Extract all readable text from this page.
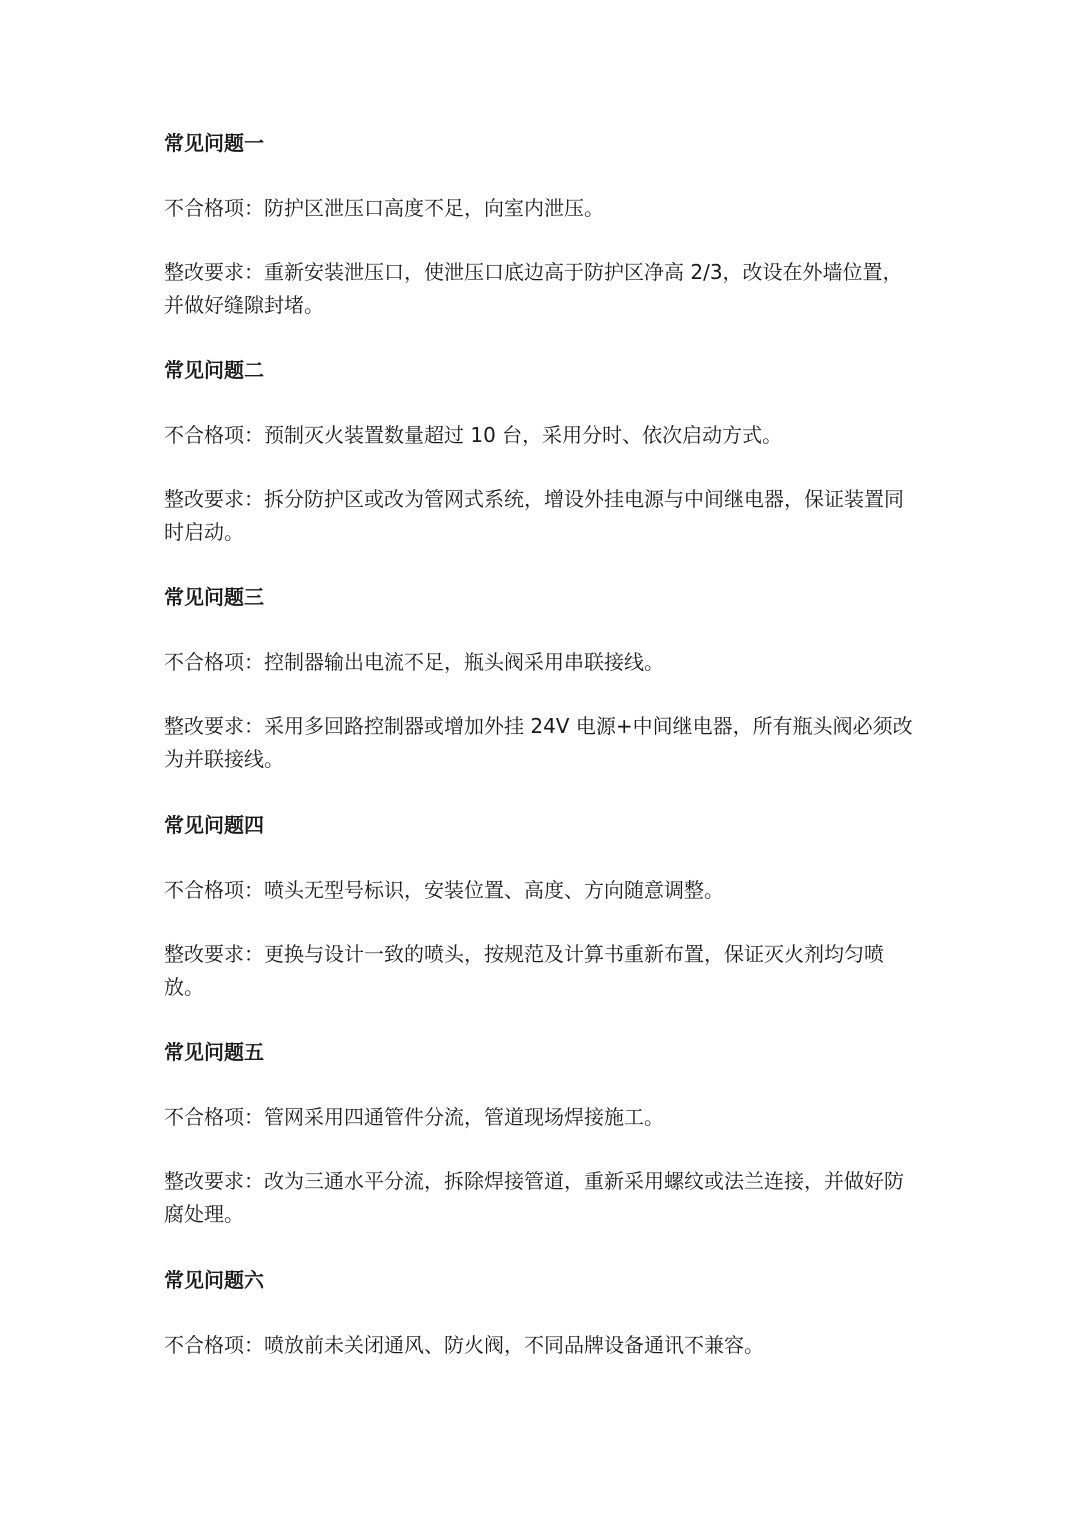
常见问题一
不合格项：防护区泄压口高度不足，向室内泄压。
整改要求：重新安装泄压口，使泄压口底边高于防护区净高 2/3，改设在外墙位置，并做好缝隙封堵。
常见问题二
不合格项：预制灭火装置数量超过 10 台，采用分时、依次启动方式。
整改要求：拆分防护区或改为管网式系统，增设外挂电源与中间继电器，保证装置同时启动。
常见问题三
不合格项：控制器输出电流不足，瓶头阀采用串联接线。
整改要求：采用多回路控制器或增加外挂 24V 电源+中间继电器，所有瓶头阀必须改为并联接线。
常见问题四
不合格项：喷头无型号标识，安装位置、高度、方向随意调整。
整改要求：更换与设计一致的喷头，按规范及计算书重新布置，保证灭火剂均匀喷放。
常见问题五
不合格项：管网采用四通管件分流，管道现场焊接施工。
整改要求：改为三通水平分流，拆除焊接管道，重新采用螺纹或法兰连接，并做好防腐处理。
常见问题六
不合格项：喷放前未关闭通风、防火阀，不同品牌设备通讯不兼容。
